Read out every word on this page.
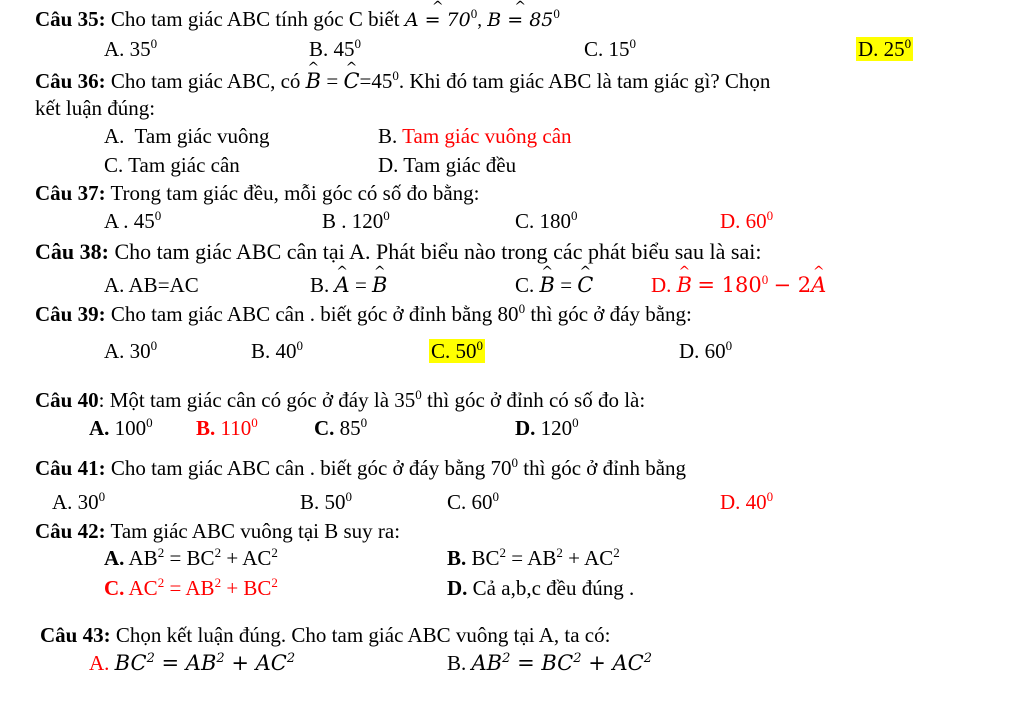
Câu 35: Cho tam giác ABC tính góc C biết ^ $A = 70^0$, ^ $B = 85^0$
A. $35^0$	B. $45^0$	C. $15^0$	D. $25^0$
Câu 36: Cho tam giác ABC, có ^ B = ^ $C=45^0$. Khi đó tam giác ABC là tam giác gì? Chọn
kết luận đúng:
A. Tam giác vuông	B. Tam giác vuông cân
C. Tam giác cân	D. Tam giác đều
Câu 37: Trong tam giác đều, mỗi góc có số đo bằng:
A . $45^0$	B . $120^0$	C. $180^0$	D. $60^0$
Câu 38: Cho tam giác ABC cân tại A. Phát biểu nào trong các phát biểu sau là sai:
A. AB=AC	B. ^ A = ^ B	C. ^ B = ^ C	D. ^ $B = 180^0$ − 2^ A
Câu 39: Cho tam giác ABC cân . biết góc ở đỉnh bằng $80^0$ thì góc ở đáy bằng:
A. $30^0$	B. $40^0$	C. $50^0$	D. $60^0$
Câu 40: Một tam giác cân có góc ở đáy là $35^0$ thì góc ở đỉnh có số đo là:
A. $100^0$ B. $110^0$	C. $85^0$	D. $120^0$
Câu 41: Cho tam giác ABC cân . biết góc ở đáy bằng $70^0$ thì góc ở đỉnh bằng
A. $30^0$	B. $50^0$	C. $60^0$	D. $40^0$
Câu 42: Tam giác ABC vuông tại B suy ra:
A. $AB^2 = BC^2 + AC^2$	B. $BC^2 = AB^2 + AC^2$
C. $AC^2 = AB^2 + BC^2$	D. Cả a,b,c đều đúng .
Câu 43: Chọn kết luận đúng. Cho tam giác ABC vuông tại A, ta có:
A. $BC^2 = AB^2 + AC^2$	B. $AB^2 = BC^2 + AC^2$
